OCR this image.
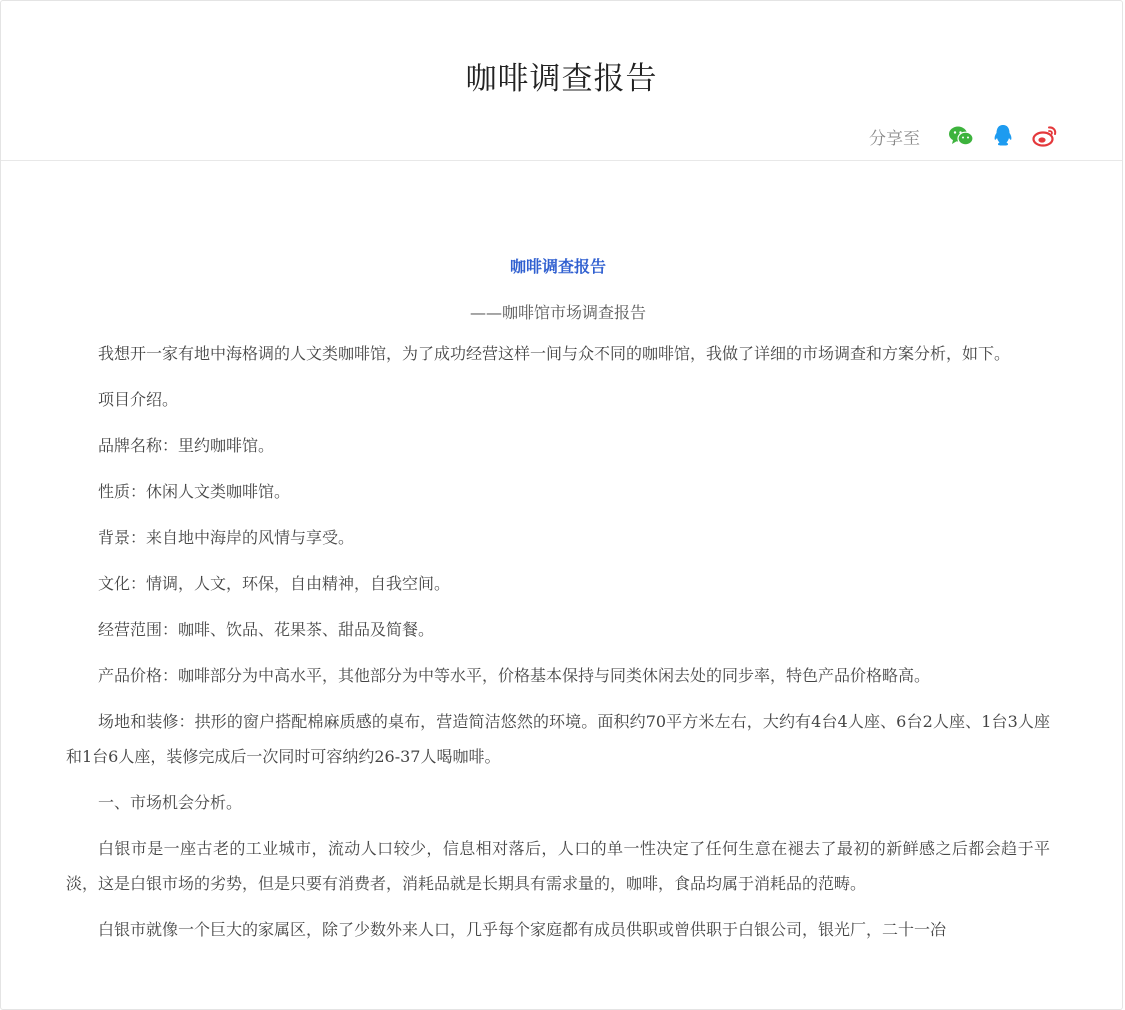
咖啡调查报告
分享至
咖啡调查报告
——咖啡馆市场调查报告

我想开一家有地中海格调的人文类咖啡馆，为了成功经营这样一间与众不同的咖啡馆，我做了详细的市场调查和方案分析，如下。

项目介绍。

品牌名称：里约咖啡馆。

性质：休闲人文类咖啡馆。

背景：来自地中海岸的风情与享受。

文化：情调，人文，环保，自由精神，自我空间。

经营范围：咖啡、饮品、花果茶、甜品及简餐。

产品价格：咖啡部分为中高水平，其他部分为中等水平，价格基本保持与同类休闲去处的同步率，特色产品价格略高。

场地和装修：拱形的窗户搭配棉麻质感的桌布，营造简洁悠然的环境。面积约70平方米左右，大约有4台4人座、6台2人座、1台3人座和1台6人座，装修完成后一次同时可容纳约26-37人喝咖啡。

一、市场机会分析。

白银市是一座古老的工业城市，流动人口较少，信息相对落后，人口的单一性决定了任何生意在褪去了最初的新鲜感之后都会趋于平淡，这是白银市场的劣势，但是只要有消费者，消耗品就是长期具有需求量的，咖啡，食品均属于消耗品的范畴。

白银市就像一个巨大的家属区，除了少数外来人口，几乎每个家庭都有成员供职或曾供职于白银公司，银光厂，二十一冶
